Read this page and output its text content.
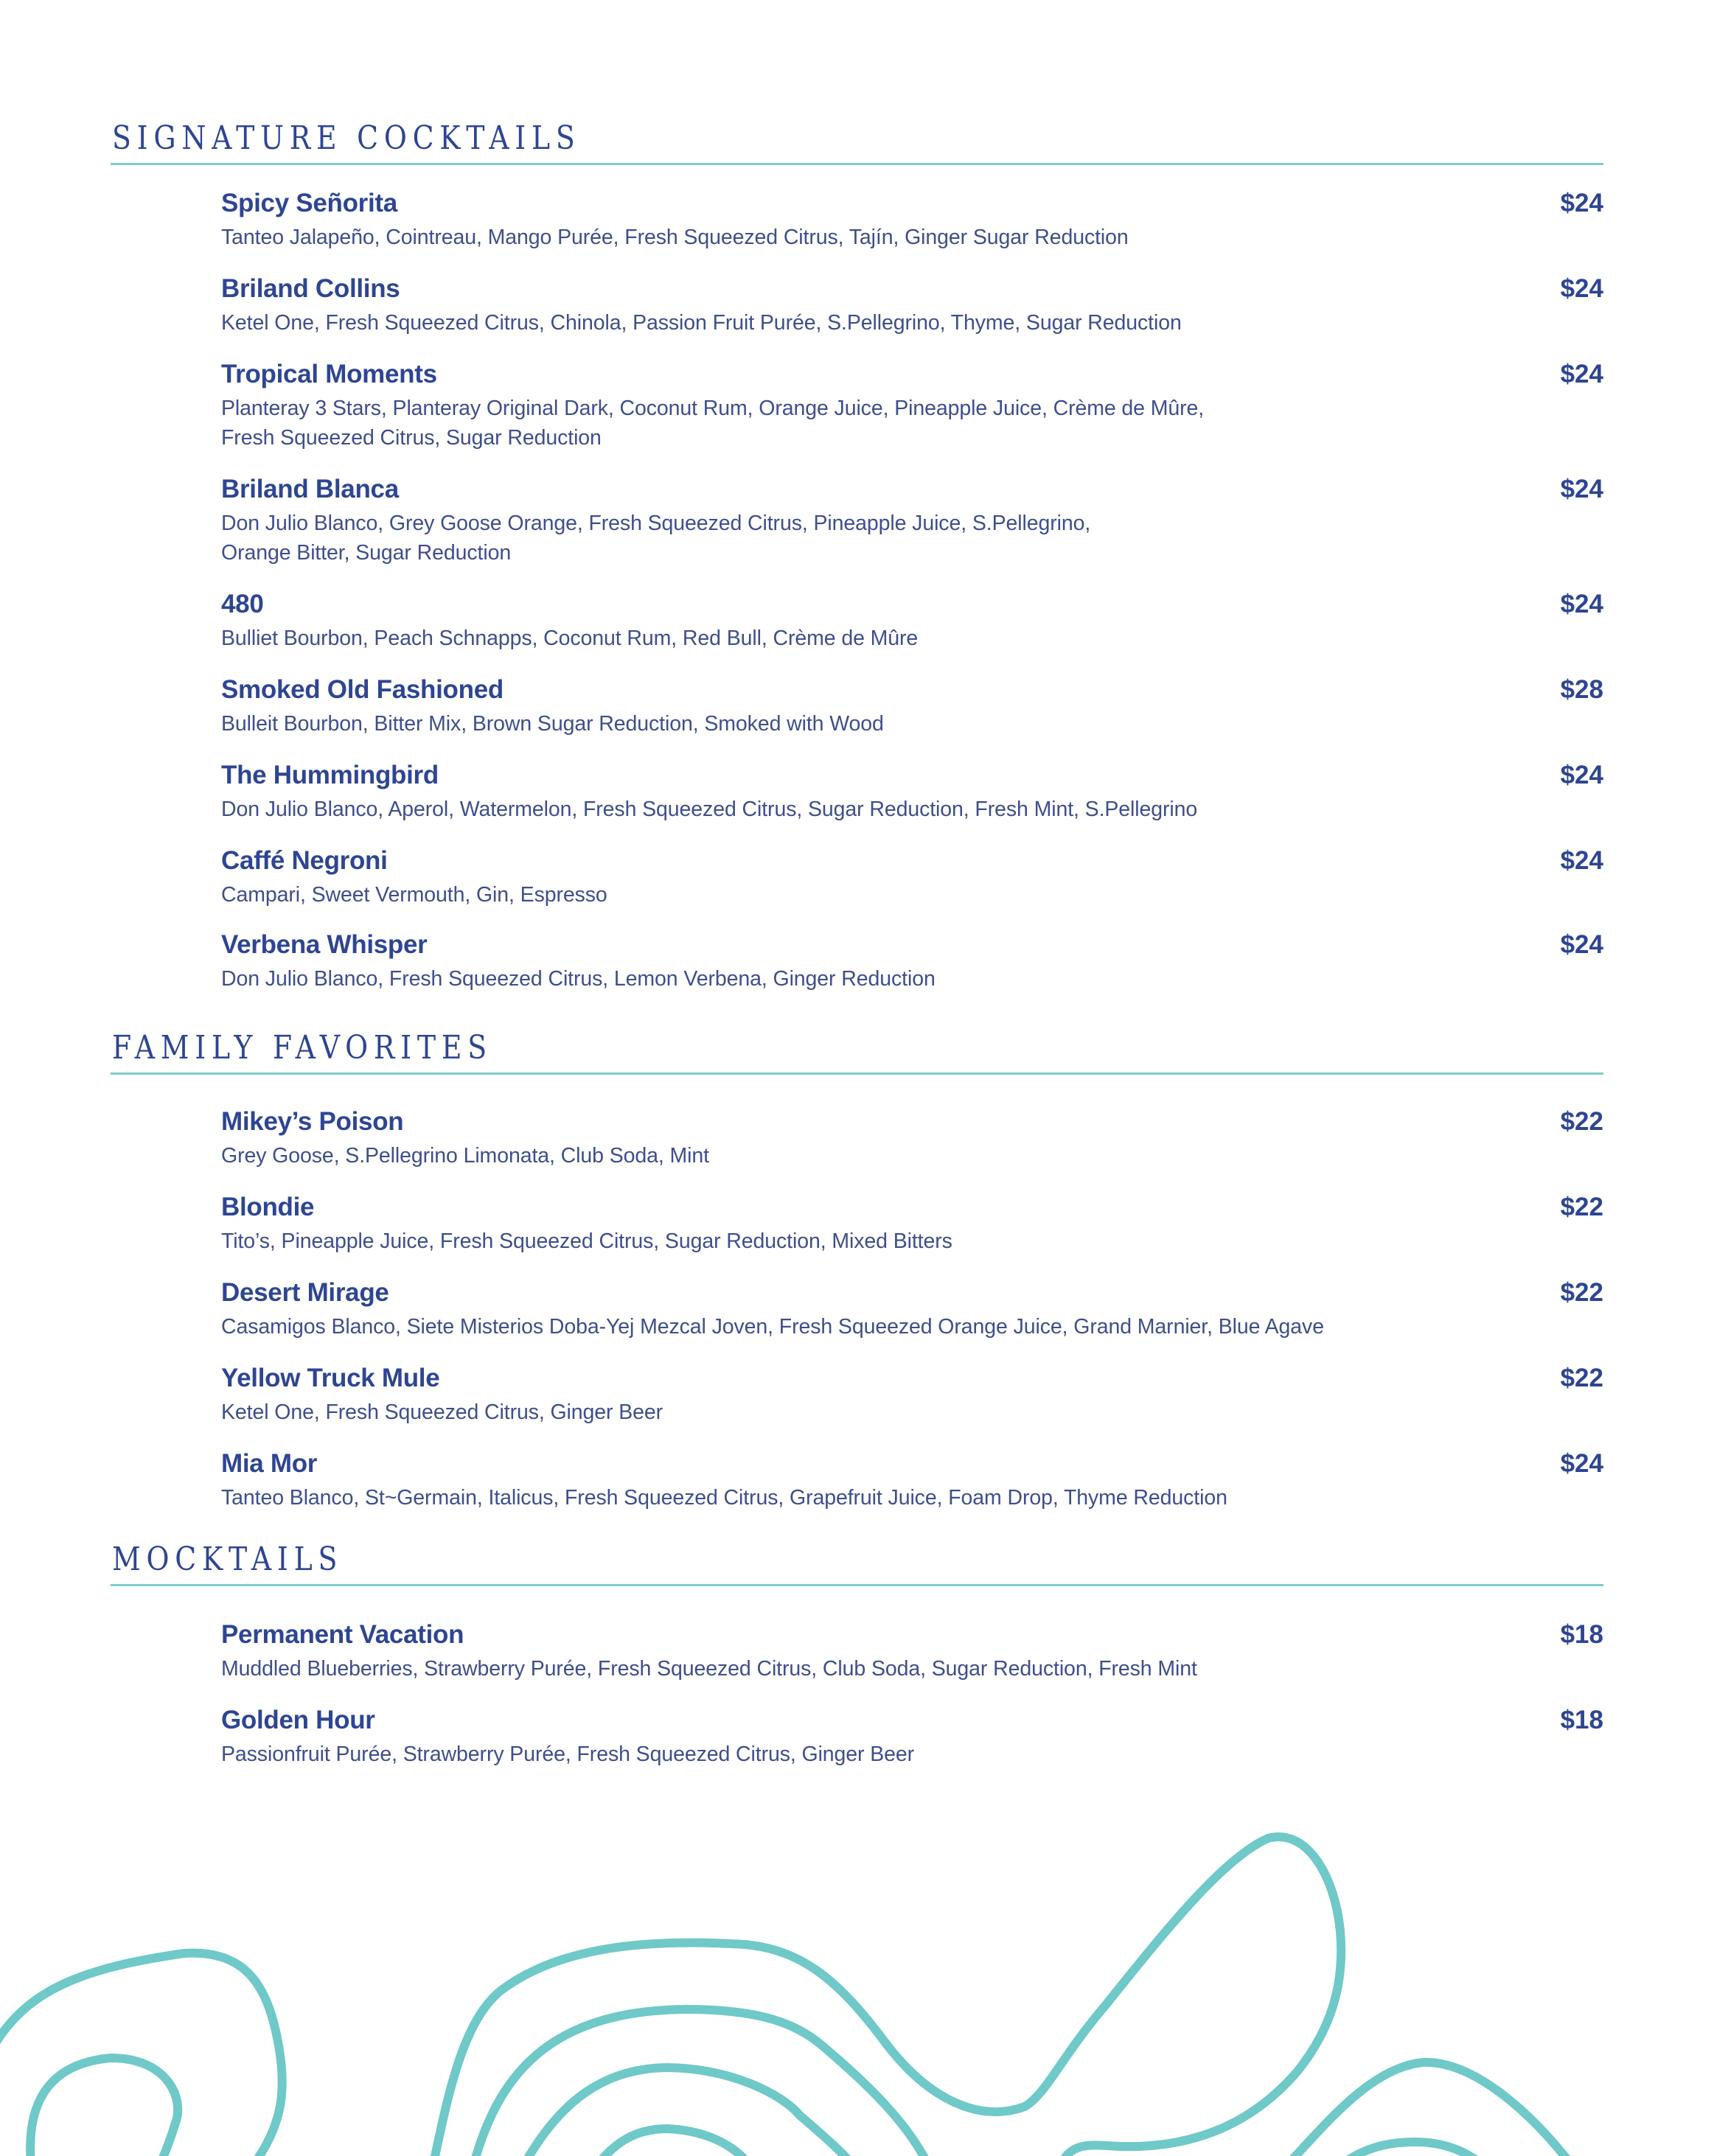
SIGNATURE COCKTAILS
Spicy Señorita	$24
Tanteo Jalapeño, Cointreau, Mango Purée, Fresh Squeezed Citrus, Tajín, Ginger Sugar Reduction
Briland Collins	$24
Ketel One, Fresh Squeezed Citrus, Chinola, Passion Fruit Purée, S.Pellegrino, Thyme, Sugar Reduction
Tropical Moments	$24
Planteray 3 Stars, Planteray Original Dark, Coconut Rum, Orange Juice, Pineapple Juice, Crème de Mûre,
Fresh Squeezed Citrus, Sugar Reduction
Briland Blanca	$24
Don Julio Blanco, Grey Goose Orange, Fresh Squeezed Citrus, Pineapple Juice, S.Pellegrino,
Orange Bitter, Sugar Reduction
480	$24
Bulliet Bourbon, Peach Schnapps, Coconut Rum, Red Bull, Crème de Mûre
Smoked Old Fashioned	$28
Bulleit Bourbon, Bitter Mix, Brown Sugar Reduction, Smoked with Wood
The Hummingbird	$24
Don Julio Blanco, Aperol, Watermelon, Fresh Squeezed Citrus, Sugar Reduction, Fresh Mint, S.Pellegrino
Caffé Negroni	$24
Campari, Sweet Vermouth, Gin, Espresso
Verbena Whisper	$24
Don Julio Blanco, Fresh Squeezed Citrus, Lemon Verbena, Ginger Reduction
FAMILY FAVORITES
Mikey’s Poison	$22
Grey Goose, S.Pellegrino Limonata, Club Soda, Mint
Blondie	$22
Tito’s, Pineapple Juice, Fresh Squeezed Citrus, Sugar Reduction, Mixed Bitters
Desert Mirage	$22
Casamigos Blanco, Siete Misterios Doba-Yej Mezcal Joven, Fresh Squeezed Orange Juice, Grand Marnier, Blue Agave
Yellow Truck Mule	$22
Ketel One, Fresh Squeezed Citrus, Ginger Beer
Mia Mor	$24
Tanteo Blanco, St~Germain, Italicus, Fresh Squeezed Citrus, Grapefruit Juice, Foam Drop, Thyme Reduction
MOCKTAILS
Permanent Vacation	$18
Muddled Blueberries, Strawberry Purée, Fresh Squeezed Citrus, Club Soda, Sugar Reduction, Fresh Mint
Golden Hour	$18
Passionfruit Purée, Strawberry Purée, Fresh Squeezed Citrus, Ginger Beer
